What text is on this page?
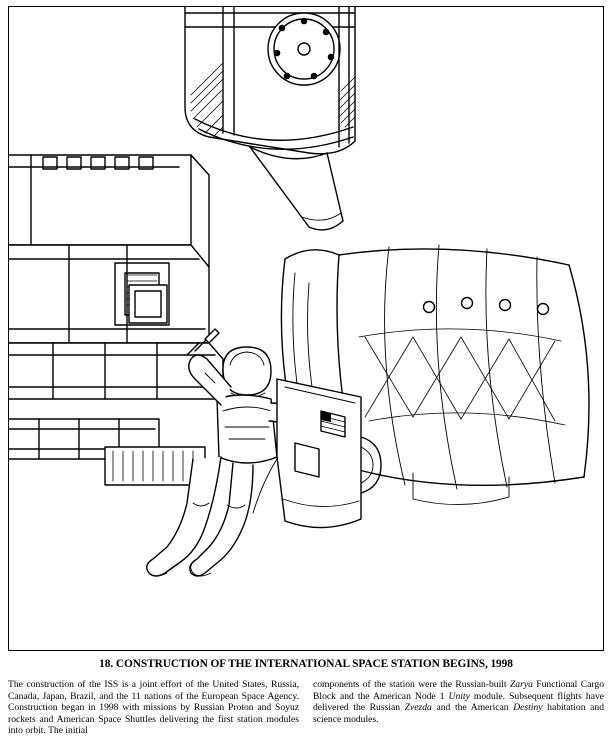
18. CONSTRUCTION OF THE INTERNATIONAL SPACE STATION BEGINS, 1998

The construction of the ISS is a joint effort of the United States, Russia, Canada, Japan, Brazil, and the 11 nations of the European Space Agency. Construction began in 1998 with missions by Russian Proton and Soyuz rockets and American Space Shuttles delivering the first station modules into orbit. The initial

components of the station were the Russian-built Zarya Functional Cargo Block and the American Node 1 Unity module. Subsequent flights have delivered the Russian Zvezda and the American Destiny habitation and science modules.
